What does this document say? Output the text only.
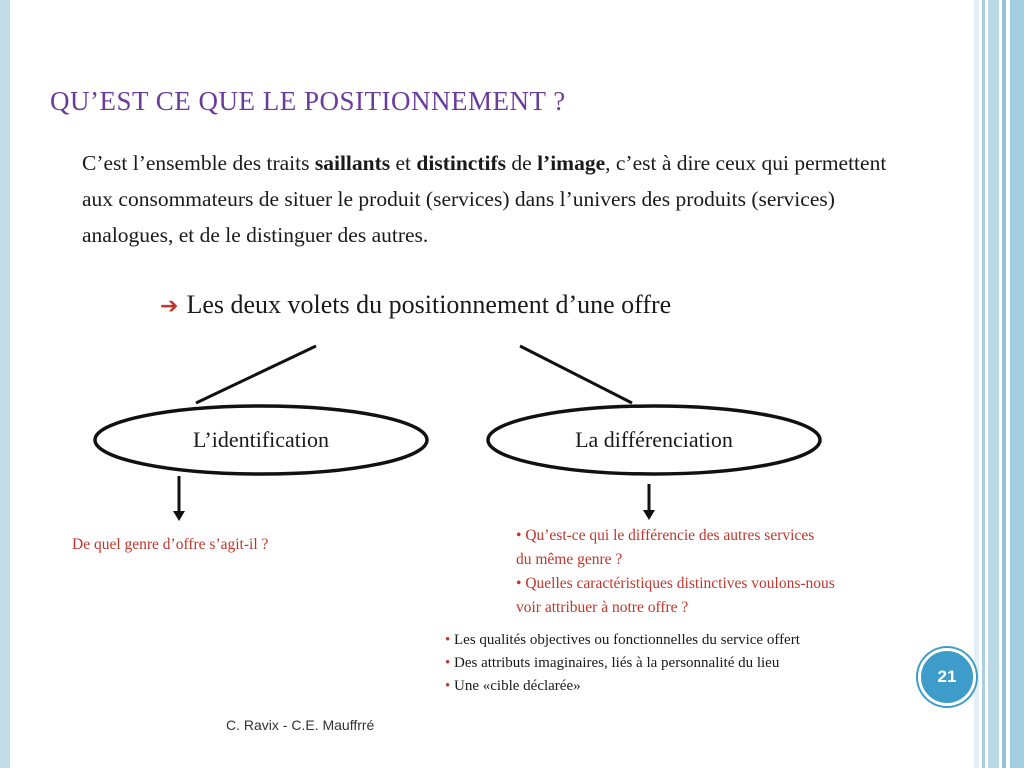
QU’EST CE QUE LE POSITIONNEMENT ?
C’est l’ensemble des traits saillants et distinctifs de l’image, c’est à dire ceux qui permettent aux consommateurs de situer le produit (services) dans l’univers des produits (services) analogues, et de le distinguer des autres.
➔ Les deux volets du positionnement d’une offre
L’identification	La différenciation
De quel genre d’offre s’agit-il ?
• Qu’est-ce qui le différencie des autres services
du même genre ?
• Quelles caractéristiques distinctives voulons-nous
voir attribuer à notre offre ?
• Les qualités objectives ou fonctionnelles du service offert
• Des attributs imaginaires, liés à la personnalité du lieu
• Une «cible déclarée»	21
C. Ravix - C.E. Mauffrré
